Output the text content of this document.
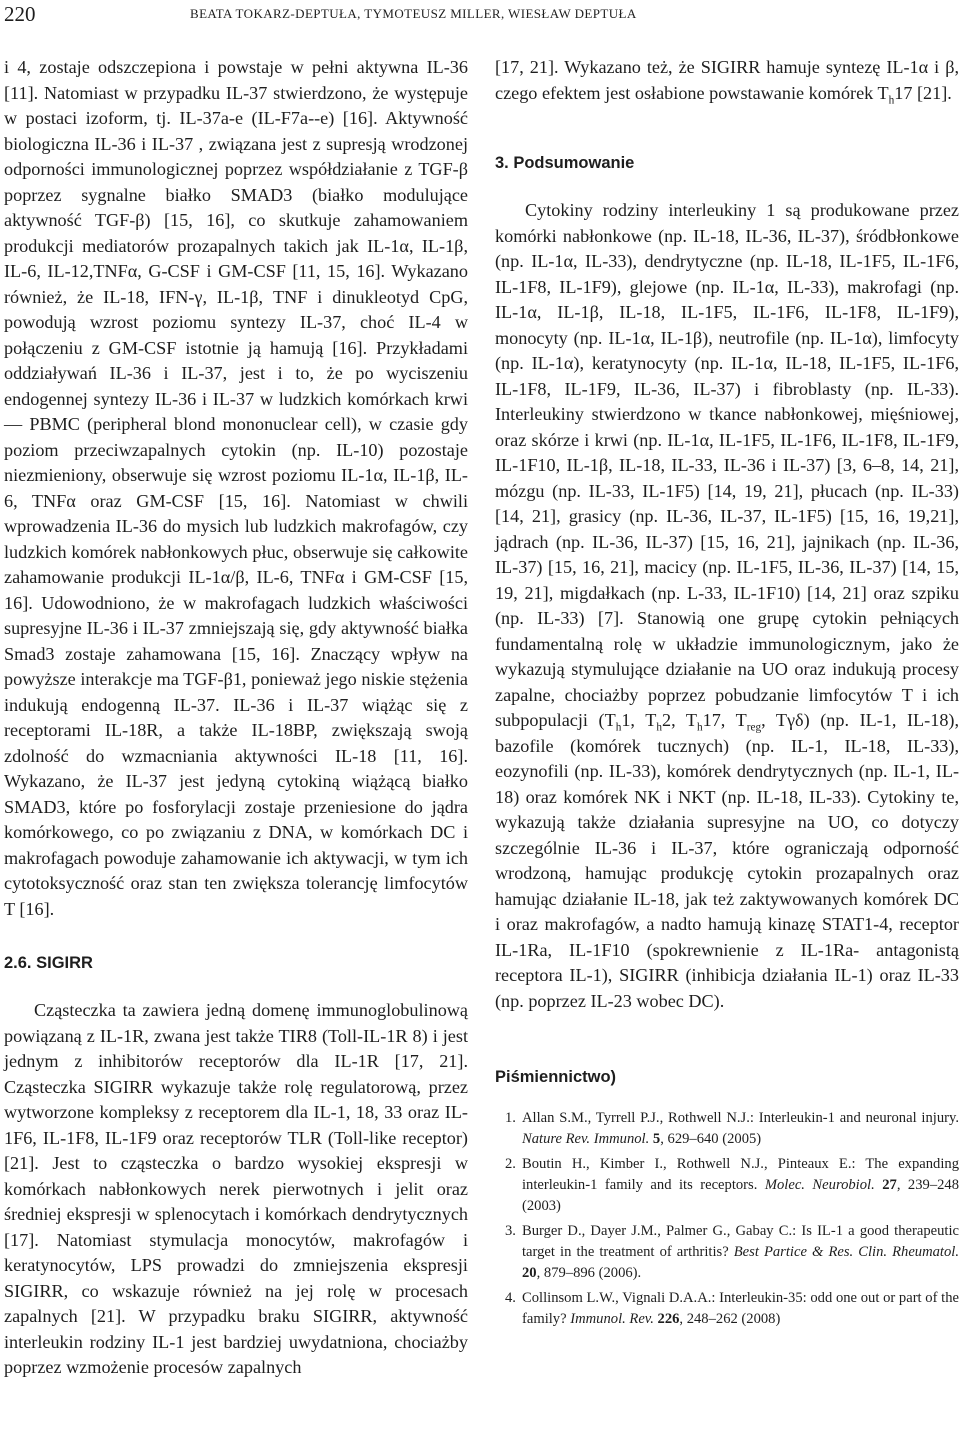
220	BEATA TOKARZ-DEPTUŁA, TYMOTEUSZ MILLER, WIESŁAW DEPTUŁA

i 4, zostaje odszczepiona i powstaje w pełni aktywna IL-36 [11]. Natomiast w przypadku IL-37 stwierdzono, że występuje w postaci izoform, tj. IL-37a-e (IL-F7a--e) [16]. Aktywność biologiczna IL-36 i IL-37 , związana jest z supresją wrodzonej odporności immunologicznej poprzez współdziałanie z TGF-β poprzez sygnalne białko SMAD3 (białko modulujące aktywność TGF-β) [15, 16], co skutkuje zahamowaniem produkcji mediatorów prozapalnych takich jak IL-1α, IL-1β, IL-6, IL-12,TNFα, G-CSF i GM-CSF [11, 15, 16]. Wykazano również, że IL-18, IFN-γ, IL-1β, TNF i dinukleotyd CpG, powodują wzrost poziomu syntezy IL-37, choć IL-4 w połączeniu z GM-CSF istotnie ją hamują [16]. Przykładami oddziaływań IL-36 i IL-37, jest i to, że po wyciszeniu endogennej syntezy IL-36 i IL-37 w ludzkich komórkach krwi — PBMC (peripheral blond mononuclear cell), w czasie gdy poziom przeciwzapalnych cytokin (np. IL-10) pozostaje niezmieniony, obserwuje się wzrost poziomu IL-1α, IL-1β, IL-6, TNFα oraz GM-CSF [15, 16]. Natomiast w chwili wprowadzenia IL-36 do mysich lub ludzkich makrofagów, czy ludzkich komórek nabłonkowych płuc, obserwuje się całkowite zahamowanie produkcji IL-1α/β, IL-6, TNFα i GM-CSF [15, 16]. Udowodniono, że w makrofagach ludzkich właściwości supresyjne IL-36 i IL-37 zmniejszają się, gdy aktywność białka Smad3 zostaje zahamowana [15, 16]. Znaczący wpływ na powyższe interakcje ma TGF-β1, ponieważ jego niskie stężenia indukują endogenną IL-37. IL-36 i IL-37 wiążąc się z receptorami IL-18R, a także IL-18BP, zwiększają swoją zdolność do wzmacniania aktywności IL-18 [11, 16]. Wykazano, że IL-37 jest jedyną cytokiną wiążącą białko SMAD3, które po fosforylacji zostaje przeniesione do jądra komórkowego, co po związaniu z DNA, w komórkach DC i makrofagach powoduje zahamowanie ich aktywacji, w tym ich cytotoksyczność oraz stan ten zwiększa tolerancję limfocytów T [16].

2.6. SIGIRR

Cząsteczka ta zawiera jedną domenę immunoglobulinową powiązaną z IL-1R, zwana jest także TIR8 (Toll-IL-1R 8) i jest jednym z inhibitorów receptorów dla IL-1R [17, 21]. Cząsteczka SIGIRR wykazuje także rolę regulatorową, przez wytworzone kompleksy z receptorem dla IL-1, 18, 33 oraz IL-1F6, IL-1F8, IL-1F9 oraz receptorów TLR (Toll-like receptor) [21]. Jest to cząsteczka o bardzo wysokiej ekspresji w komórkach nabłonkowych nerek pierwotnych i jelit oraz średniej ekspresji w splenocytach i komórkach dendrytycznych [17]. Natomiast stymulacja monocytów, makrofagów i keratynocytów, LPS prowadzi do zmniejszenia ekspresji SIGIRR, co wskazuje również na jej rolę w procesach zapalnych [21]. W przypadku braku SIGIRR, aktywność interleukin rodziny IL-1 jest bardziej uwydatniona, chociażby poprzez wzmożenie procesów zapalnych

[17, 21]. Wykazano też, że SIGIRR hamuje syntezę IL-1α i β, czego efektem jest osłabione powstawanie komórek $T_h17$ [21].

3. Podsumowanie

Cytokiny rodziny interleukiny 1 są produkowane przez komórki nabłonkowe (np. IL-18, IL-36, IL-37), śródbłonkowe (np. IL-1α, IL-33), dendrytyczne (np. IL-18, IL-1F5, IL-1F6, IL-1F8, IL-1F9), glejowe (np. IL-1α, IL-33), makrofagi (np. IL-1α, IL-1β, IL-18, IL-1F5, IL-1F6, IL-1F8, IL-1F9), monocyty (np. IL-1α, IL-1β), neutrofile (np. IL-1α), limfocyty (np. IL-1α), keratynocyty (np. IL-1α, IL-18, IL-1F5, IL-1F6, IL-1F8, IL-1F9, IL-36, IL-37) i fibroblasty (np. IL-33). Interleukiny stwierdzono w tkance nabłonkowej, mięśniowej, oraz skórze i krwi (np. IL-1α, IL-1F5, IL-1F6, IL-1F8, IL-1F9, IL-1F10, IL-1β, IL-18, IL-33, IL-36 i IL-37) [3, 6–8, 14, 21], mózgu (np. IL-33, IL-1F5) [14, 19, 21], płucach (np. IL-33) [14, 21], grasicy (np. IL-36, IL-37, IL-1F5) [15, 16, 19,21], jądrach (np. IL-36, IL-37) [15, 16, 21], jajnikach (np. IL-36, IL-37) [15, 16, 21], macicy (np. IL-1F5, IL-36, IL-37) [14, 15, 19, 21], migdałkach (np. L-33, IL-1F10) [14, 21] oraz szpiku (np. IL-33) [7]. Stanowią one grupę cytokin pełniących fundamentalną rolę w układzie immunologicznym, jako że wykazują stymulujące działanie na UO oraz indukują procesy zapalne, chociażby poprzez pobudzanie limfocytów T i ich subpopulacji ($T_h1$, $T_h2$, $T_h17$, $T_{reg}$, Tγδ) (np. IL-1, IL-18), bazofile (komórek tucznych) (np. IL-1, IL-18, IL-33), eozynofili (np. IL-33), komórek dendrytycznych (np. IL-1, IL-18) oraz komórek NK i NKT (np. IL-18, IL-33). Cytokiny te, wykazują także działania supresyjne na UO, co dotyczy szczególnie IL-36 i IL-37, które ograniczają odporność wrodzoną, hamując produkcję cytokin prozapalnych oraz hamując działanie IL-18, jak też zaktywowanych komórek DC i oraz makrofagów, a nadto hamują kinazę STAT1-4, receptor IL-1Ra, IL-1F10 (spokrewnienie z IL-1Ra- antagonistą receptora IL-1), SIGIRR (inhibicja działania IL-1) oraz IL-33 (np. poprzez IL-23 wobec DC).

Piśmiennictwo)
1. Allan S.M., Tyrrell P.J., Rothwell N.J.: Interleukin-1 and neuronal injury. Nature Rev. Immunol. 5, 629–640 (2005)
2. Boutin H., Kimber I., Rothwell N.J., Pinteaux E.: The expanding interleukin-1 family and its receptors. Molec. Neurobiol. 27, 239–248 (2003)
3. Burger D., Dayer J.M., Palmer G., Gabay C.: Is IL-1 a good therapeutic target in the treatment of arthritis? Best Partice & Res. Clin. Rheumatol. 20, 879–896 (2006).
4. Collinsom L.W., Vignali D.A.A.: Interleukin-35: odd one out or part of the family? Immunol. Rev. 226, 248–262 (2008)
